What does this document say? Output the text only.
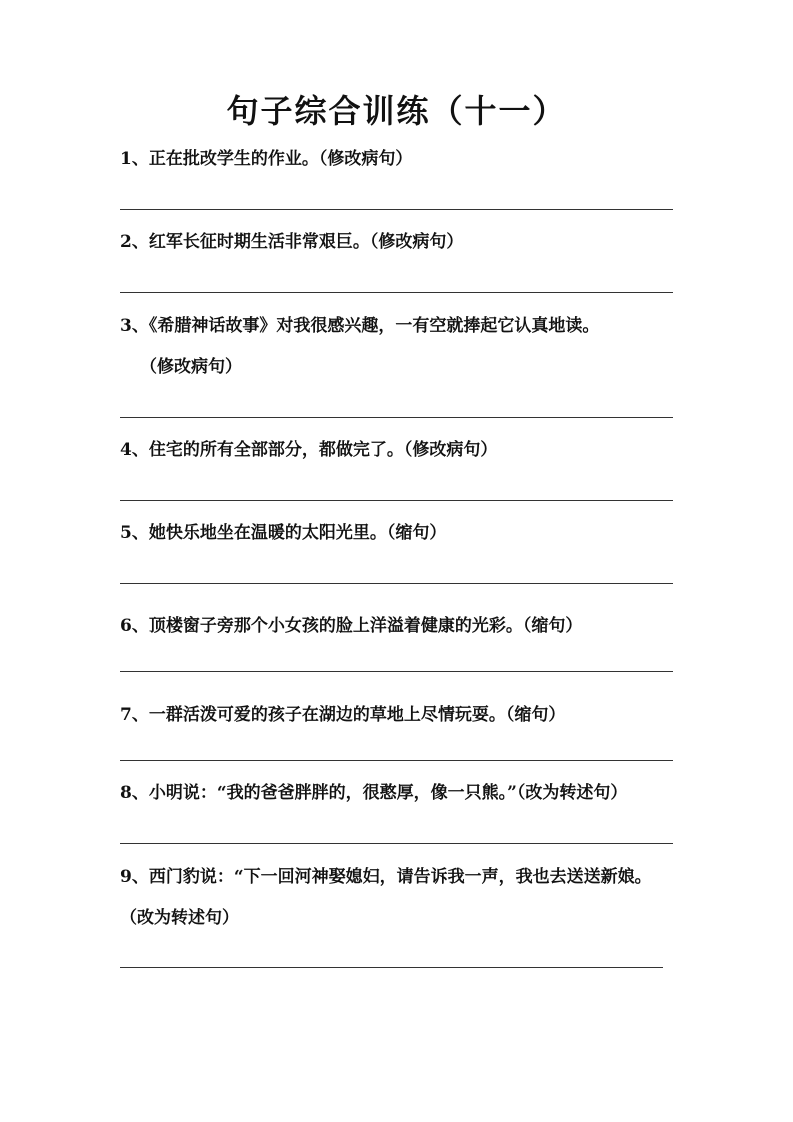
句子综合训练（十一）
1、正在批改学生的作业。（修改病句）
2、红军长征时期生活非常艰巨。（修改病句）
3、《希腊神话故事》对我很感兴趣，一有空就捧起它认真地读。
（修改病句）
4、住宅的所有全部部分，都做完了。（修改病句）
5、她快乐地坐在温暖的太阳光里。（缩句）
6、顶楼窗子旁那个小女孩的脸上洋溢着健康的光彩。（缩句）
7、一群活泼可爱的孩子在湖边的草地上尽情玩耍。（缩句）
8、小明说：“我的爸爸胖胖的，很憨厚，像一只熊。”（改为转述句）
9、西门豹说：“下一回河神娶媳妇，请告诉我一声，我也去送送新娘。
（改为转述句）
